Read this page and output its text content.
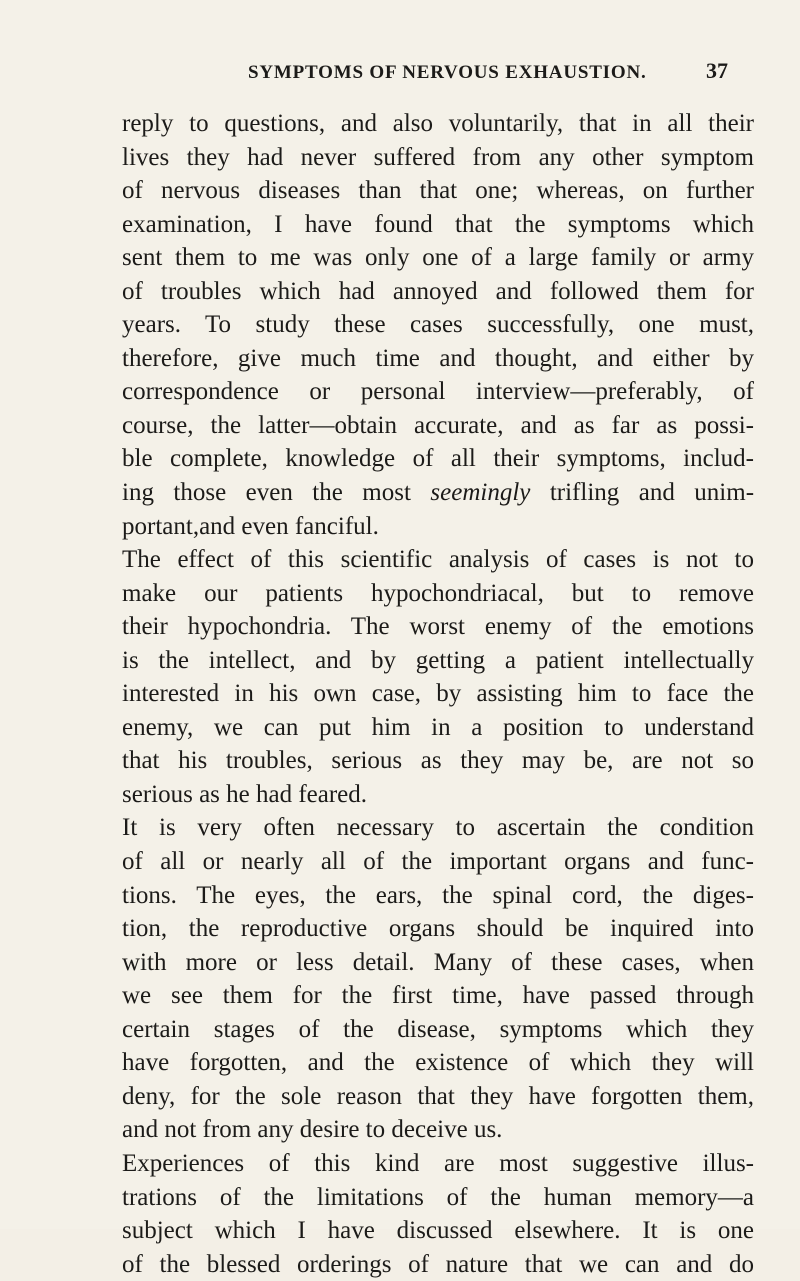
SYMPTOMS OF NERVOUS EXHAUSTION.	37
reply to questions, and also voluntarily, that in all their
lives they had never suffered from any other symptom
of nervous diseases than that one; whereas, on further
examination, I have found that the symptoms which
sent them to me was only one of a large family or army
of troubles which had annoyed and followed them for
years. To study these cases successfully, one must,
therefore, give much time and thought, and either by
correspondence or personal interview—preferably, of
course, the latter—obtain accurate, and as far as possi-
ble complete, knowledge of all their symptoms, includ-
ing those even the most seemingly trifling and unim-
portant,and even fanciful.
The effect of this scientific analysis of cases is not to
make our patients hypochondriacal, but to remove
their hypochondria. The worst enemy of the emotions
is the intellect, and by getting a patient intellectually
interested in his own case, by assisting him to face the
enemy, we can put him in a position to understand
that his troubles, serious as they may be, are not so
serious as he had feared.
It is very often necessary to ascertain the condition
of all or nearly all of the important organs and func-
tions. The eyes, the ears, the spinal cord, the diges-
tion, the reproductive organs should be inquired into
with more or less detail. Many of these cases, when
we see them for the first time, have passed through
certain stages of the disease, symptoms which they
have forgotten, and the existence of which they will
deny, for the sole reason that they have forgotten them,
and not from any desire to deceive us.
Experiences of this kind are most suggestive illus-
trations of the limitations of the human memory—a
subject which I have discussed elsewhere. It is one
of the blessed orderings of nature that we can and do
